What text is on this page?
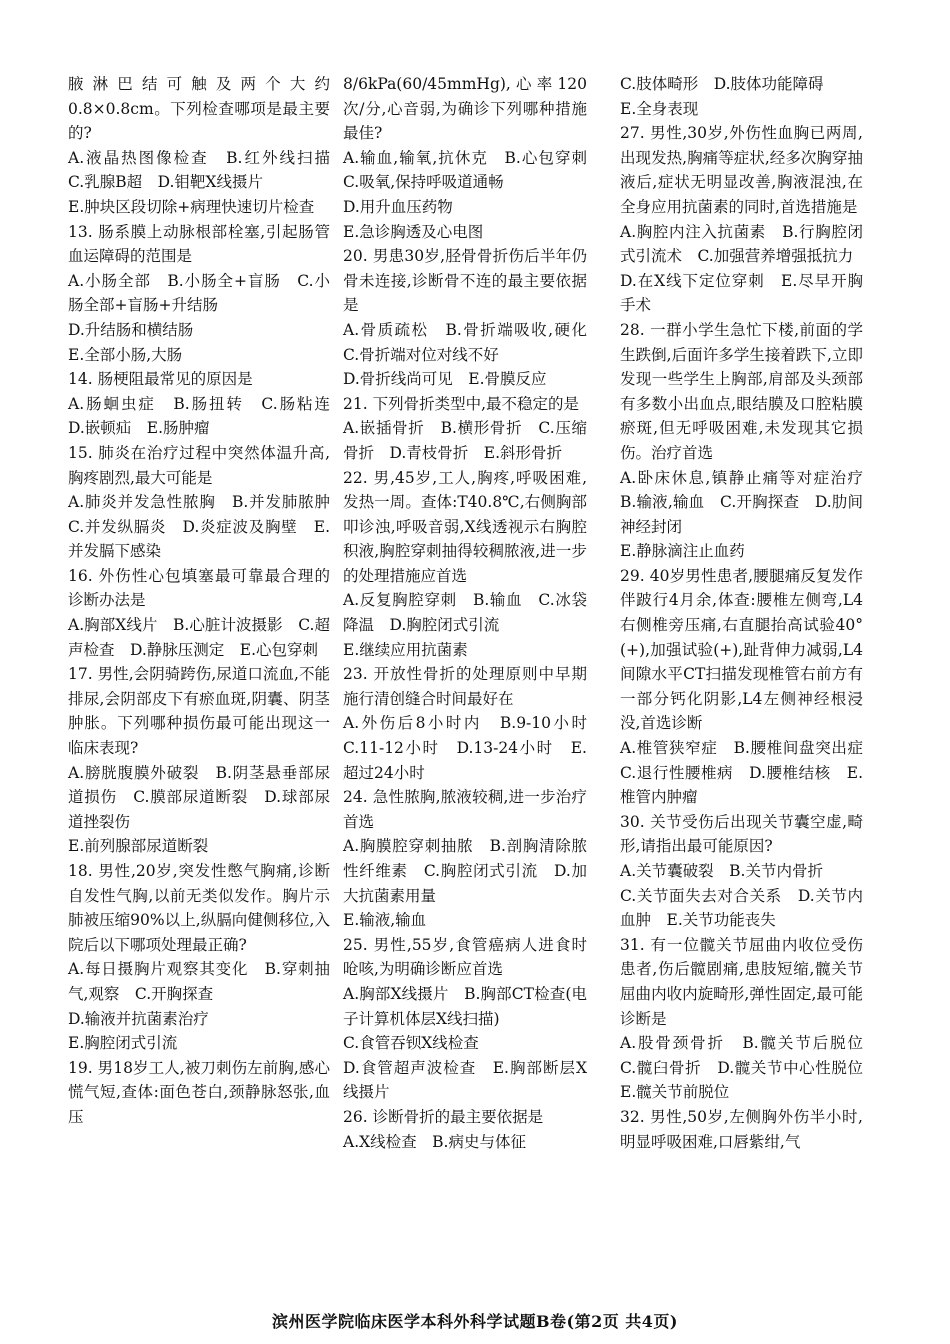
腋淋巴结可触及两个大约0.8×0.8cm。下列检查哪项是最主要的?

A.液晶热图像检查　B.红外线扫描　C.乳腺B超　D.钼靶X线摄片

E.肿块区段切除+病理快速切片检查

13. 肠系膜上动脉根部栓塞,引起肠管血运障碍的范围是

A.小肠全部　B.小肠全+盲肠　C.小肠全部+盲肠+升结肠

D.升结肠和横结肠

E.全部小肠,大肠

14. 肠梗阻最常见的原因是

A.肠蛔虫症　B.肠扭转　C.肠粘连　D.嵌顿疝　E.肠肿瘤

15. 肺炎在治疗过程中突然体温升高,胸疼剧烈,最大可能是

A.肺炎并发急性脓胸　B.并发肺脓肿　C.并发纵膈炎　D.炎症波及胸壁　E.并发膈下感染

16. 外伤性心包填塞最可靠最合理的诊断办法是

A.胸部X线片　B.心脏计波摄影　C.超声检查　D.静脉压测定　E.心包穿刺

17. 男性,会阴骑跨伤,尿道口流血,不能排尿,会阴部皮下有瘀血斑,阴囊、阴茎肿胀。下列哪种损伤最可能出现这一临床表现?

A.膀胱腹膜外破裂　B.阴茎悬垂部尿道损伤　C.膜部尿道断裂　D.球部尿道挫裂伤

E.前列腺部尿道断裂

18. 男性,20岁,突发性憋气胸痛,诊断自发性气胸,以前无类似发作。胸片示肺被压缩90%以上,纵膈向健侧移位,入院后以下哪项处理最正确?

A.每日摄胸片观察其变化　B.穿刺抽气,观察　C.开胸探查

D.输液并抗菌素治疗

E.胸腔闭式引流

19. 男18岁工人,被刀刺伤左前胸,感心慌气短,查体:面色苍白,颈静脉怒张,血压

8/6kPa(60/45mmHg),心率120次/分,心音弱,为确诊下列哪种措施最佳?

A.输血,输氧,抗休克　B.心包穿刺　C.吸氧,保持呼吸道通畅

D.用升血压药物

E.急诊胸透及心电图

20. 男患30岁,胫骨骨折伤后半年仍骨未连接,诊断骨不连的最主要依据是

A.骨质疏松　B.骨折端吸收,硬化　C.骨折端对位对线不好

D.骨折线尚可见　E.骨膜反应

21. 下列骨折类型中,最不稳定的是

A.嵌插骨折　B.横形骨折　C.压缩骨折　D.青枝骨折　E.斜形骨折

22. 男,45岁,工人,胸疼,呼吸困难,发热一周。查体:T40.8℃,右侧胸部叩诊浊,呼吸音弱,X线透视示右胸腔积液,胸腔穿刺抽得较稠脓液,进一步的处理措施应首选

A.反复胸腔穿刺　B.输血　C.冰袋降温　D.胸腔闭式引流

E.继续应用抗菌素

23. 开放性骨折的处理原则中早期施行清创缝合时间最好在

A.外伤后8小时内　B.9-10小时　C.11-12小时　D.13-24小时　E.超过24小时

24. 急性脓胸,脓液较稠,进一步治疗首选

A.胸膜腔穿刺抽脓　B.剖胸清除脓性纤维素　C.胸腔闭式引流　D.加大抗菌素用量

E.输液,输血

25. 男性,55岁,食管癌病人进食时呛咳,为明确诊断应首选

A.胸部X线摄片　B.胸部CT检查(电子计算机体层X线扫描)

C.食管吞钡X线检查

D.食管超声波检查　E.胸部断层X线摄片

26. 诊断骨折的最主要依据是

A.X线检查　B.病史与体征

C.肢体畸形　D.肢体功能障碍

E.全身表现

27. 男性,30岁,外伤性血胸已两周,出现发热,胸痛等症状,经多次胸穿抽液后,症状无明显改善,胸液混浊,在全身应用抗菌素的同时,首选措施是

A.胸腔内注入抗菌素　B.行胸腔闭式引流术　C.加强营养增强抵抗力

D.在X线下定位穿刺　E.尽早开胸手术

28. 一群小学生急忙下楼,前面的学生跌倒,后面许多学生接着跌下,立即发现一些学生上胸部,肩部及头颈部有多数小出血点,眼结膜及口腔粘膜瘀斑,但无呼吸困难,未发现其它损伤。治疗首选

A.卧床休息,镇静止痛等对症治疗　B.输液,输血　C.开胸探查　D.肋间神经封闭

E.静脉滴注止血药

29. 40岁男性患者,腰腿痛反复发作伴跛行4月余,体查:腰椎左侧弯,L4右侧椎旁压痛,右直腿抬高试验40°(+),加强试验(+),趾背伸力减弱,L4间隙水平CT扫描发现椎管右前方有一部分钙化阴影,L4左侧神经根浸没,首选诊断

A.椎管狭窄症　B.腰椎间盘突出症　C.退行性腰椎病　D.腰椎结核　E.椎管内肿瘤

30. 关节受伤后出现关节囊空虚,畸形,请指出最可能原因?

A.关节囊破裂　B.关节内骨折

C.关节面失去对合关系　D.关节内血肿　E.关节功能丧失

31. 有一位髋关节屈曲内收位受伤患者,伤后髋剧痛,患肢短缩,髋关节屈曲内收内旋畸形,弹性固定,最可能诊断是

A.股骨颈骨折　B.髋关节后脱位　C.髋臼骨折　D.髋关节中心性脱位　E.髋关节前脱位

32. 男性,50岁,左侧胸外伤半小时,明显呼吸困难,口唇紫绀,气

滨州医学院临床医学本科外科学试题B卷(第2页 共4页)
